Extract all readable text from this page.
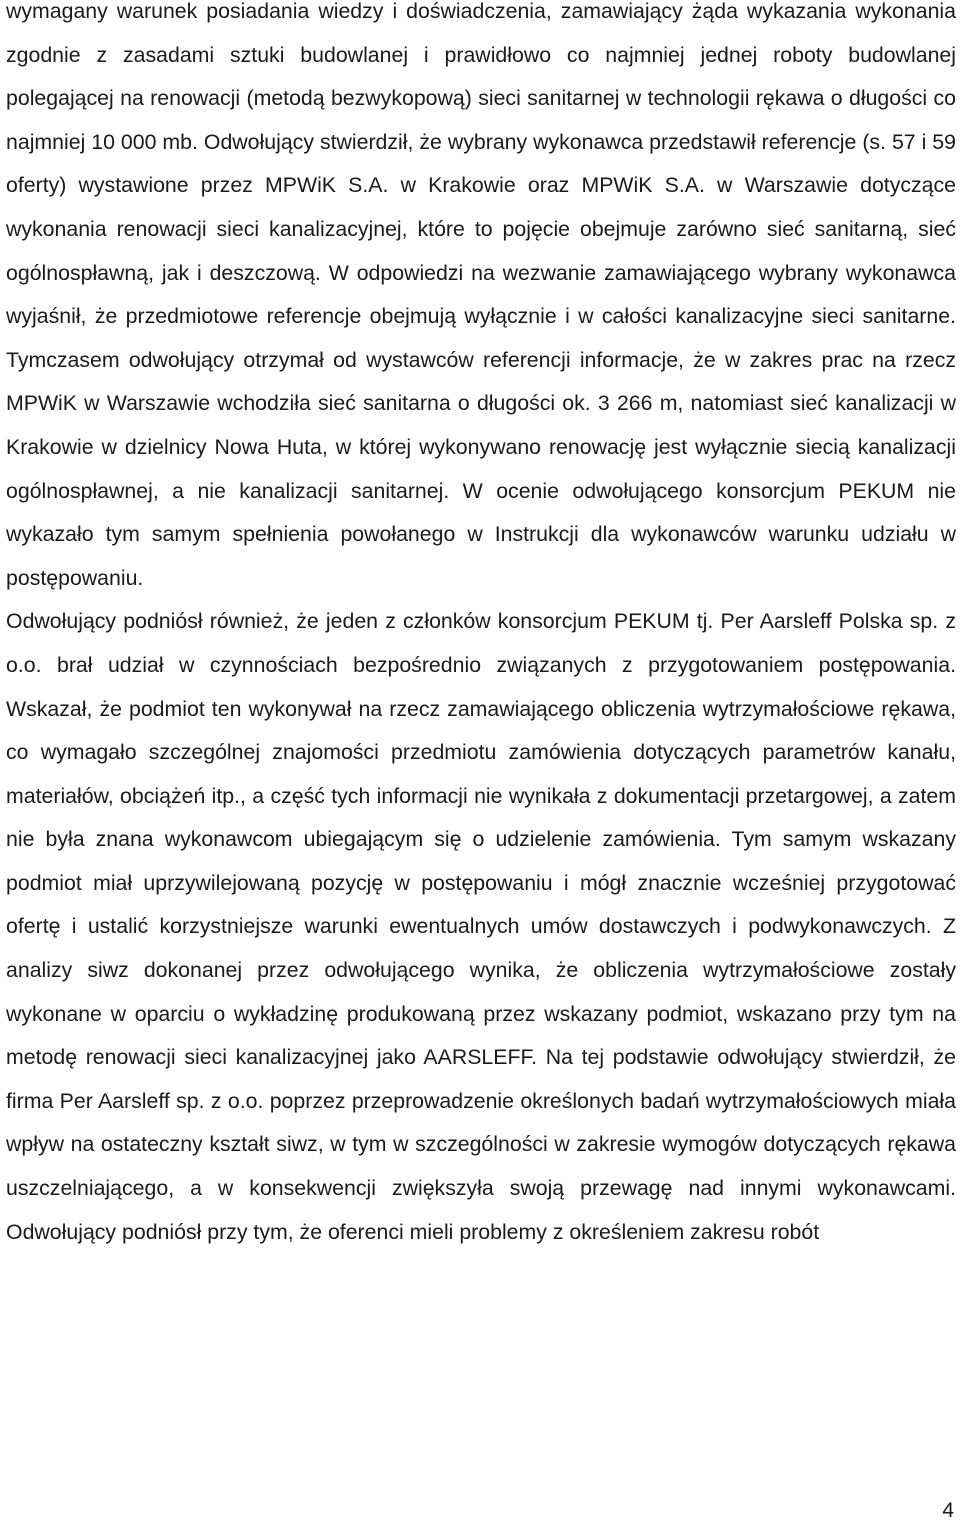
wymagany warunek posiadania wiedzy i doświadczenia, zamawiający żąda wykazania wykonania zgodnie z zasadami sztuki budowlanej i prawidłowo co najmniej jednej roboty budowlanej polegającej na renowacji (metodą bezwykopową) sieci sanitarnej w technologii rękawa o długości co najmniej 10 000 mb. Odwołujący stwierdził, że wybrany wykonawca przedstawił referencje (s. 57 i 59 oferty) wystawione przez MPWiK S.A. w Krakowie oraz MPWiK S.A. w Warszawie dotyczące wykonania renowacji sieci kanalizacyjnej, które to pojęcie obejmuje zarówno sieć sanitarną, sieć ogólnospławną, jak i deszczową. W odpowiedzi na wezwanie zamawiającego wybrany wykonawca wyjaśnił, że przedmiotowe referencje obejmują wyłącznie i w całości kanalizacyjne sieci sanitarne. Tymczasem odwołujący otrzymał od wystawców referencji informacje, że w zakres prac na rzecz MPWiK w Warszawie wchodziła sieć sanitarna o długości ok. 3 266 m, natomiast sieć kanalizacji w Krakowie w dzielnicy Nowa Huta, w której wykonywano renowację jest wyłącznie siecią kanalizacji ogólnospławnej, a nie kanalizacji sanitarnej. W ocenie odwołującego konsorcjum PEKUM nie wykazało tym samym spełnienia powołanego w Instrukcji dla wykonawców warunku udziału w postępowaniu.

Odwołujący podniósł również, że jeden z członków konsorcjum PEKUM tj. Per Aarsleff Polska sp. z o.o. brał udział w czynnościach bezpośrednio związanych z przygotowaniem postępowania. Wskazał, że podmiot ten wykonywał na rzecz zamawiającego obliczenia wytrzymałościowe rękawa, co wymagało szczególnej znajomości przedmiotu zamówienia dotyczących parametrów kanału, materiałów, obciążeń itp., a część tych informacji nie wynikała z dokumentacji przetargowej, a zatem nie była znana wykonawcom ubiegającym się o udzielenie zamówienia. Tym samym wskazany podmiot miał uprzywilejowaną pozycję w postępowaniu i mógł znacznie wcześniej przygotować ofertę i ustalić korzystniejsze warunki ewentualnych umów dostawczych i podwykonawczych. Z analizy siwz dokonanej przez odwołującego wynika, że obliczenia wytrzymałościowe zostały wykonane w oparciu o wykładzinę produkowaną przez wskazany podmiot, wskazano przy tym na metodę renowacji sieci kanalizacyjnej jako AARSLEFF. Na tej podstawie odwołujący stwierdził, że firma Per Aarsleff sp. z o.o. poprzez przeprowadzenie określonych badań wytrzymałościowych miała wpływ na ostateczny kształt siwz, w tym w szczególności w zakresie wymogów dotyczących rękawa uszczelniającego, a w konsekwencji zwiększyła swoją przewagę nad innymi wykonawcami. Odwołujący podniósł przy tym, że oferenci mieli problemy z określeniem zakresu robót

4
